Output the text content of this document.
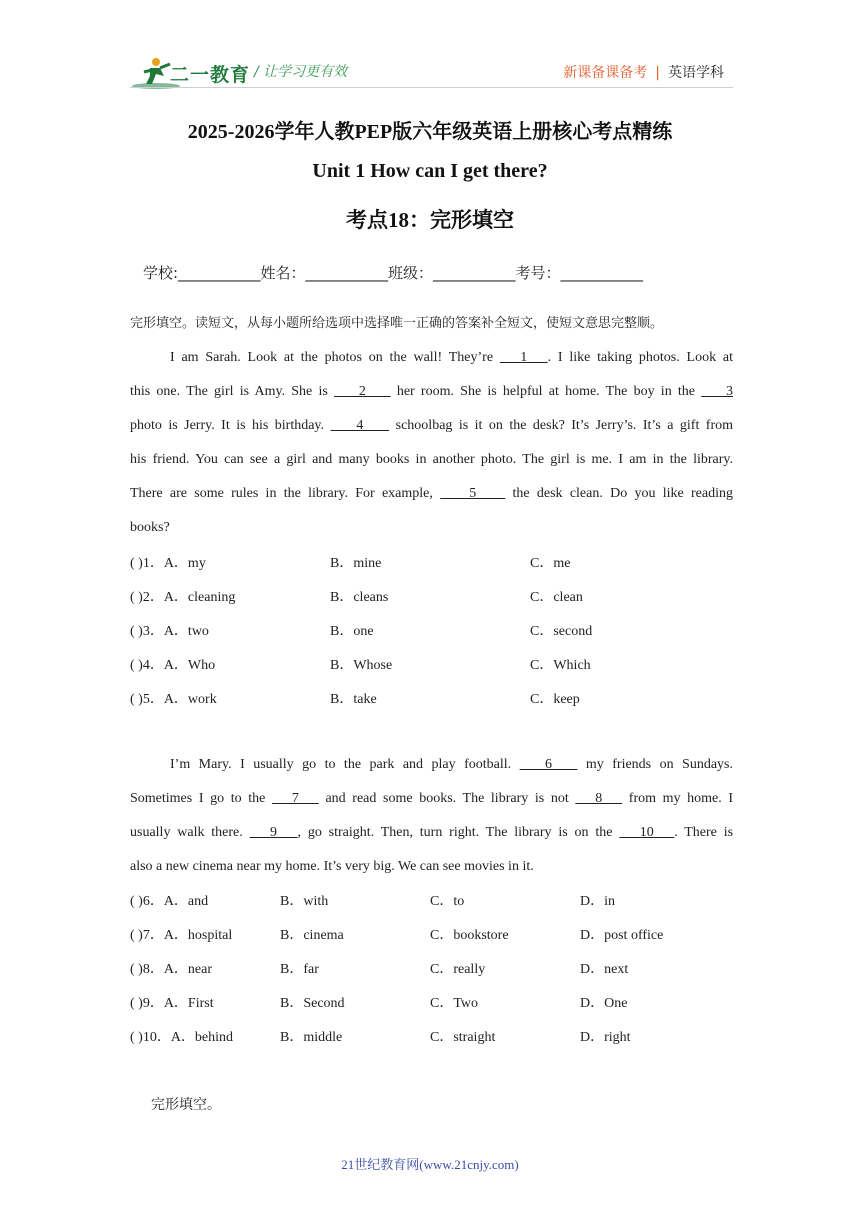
二一教育 / 让学习更有效	新课备课备考 | 英语学科
2025-2026学年人教PEP版六年级英语上册核心考点精练
Unit 1 How can I get there?
考点18：完形填空
学校:___________姓名：___________班级：___________考号：___________
完形填空。读短文，从每小题所给选项中选择唯一正确的答案补全短文，使短文意思完整顺。
I am Sarah. Look at the photos on the wall! They’re    1   . I like taking photos. Look at
this one. The girl is Amy. She is     2     her room. She is helpful at home. The boy in the     3
photo is Jerry. It is his birthday.     4     schoolbag is it on the desk? It’s Jerry’s. It’s a gift from
his friend. You can see a girl and many books in another photo. The girl is me. I am in the library.
There are some rules in the library. For example,     5     the desk clean. Do you like reading
books?
( )1．A．my	B．mine	C．me
( )2．A．cleaning	B．cleans	C．clean
( )3．A．two	B．one	C．second
( )4．A．Who	B．Whose	C．Which
( )5．A．work	B．take	C．keep
I’m Mary. I usually go to the park and play football.    6    my friends on Sundays.
Sometimes I go to the    7    and read some books. The library is not    8    from my home. I
usually walk there.    9   , go straight. Then, turn right. The library is on the    10   . There is
also a new cinema near my home. It’s very big. We can see movies in it.
( )6．A．and	B．with	C．to	D．in
( )7．A．hospital	B．cinema	C．bookstore	D．post office
( )8．A．near	B．far	C．really	D．next
( )9．A．First	B．Second	C．Two	D．One
( )10．A．behind	B．middle	C．straight	D．right
完形填空。
21世纪教育网(www.21cnjy.com)
